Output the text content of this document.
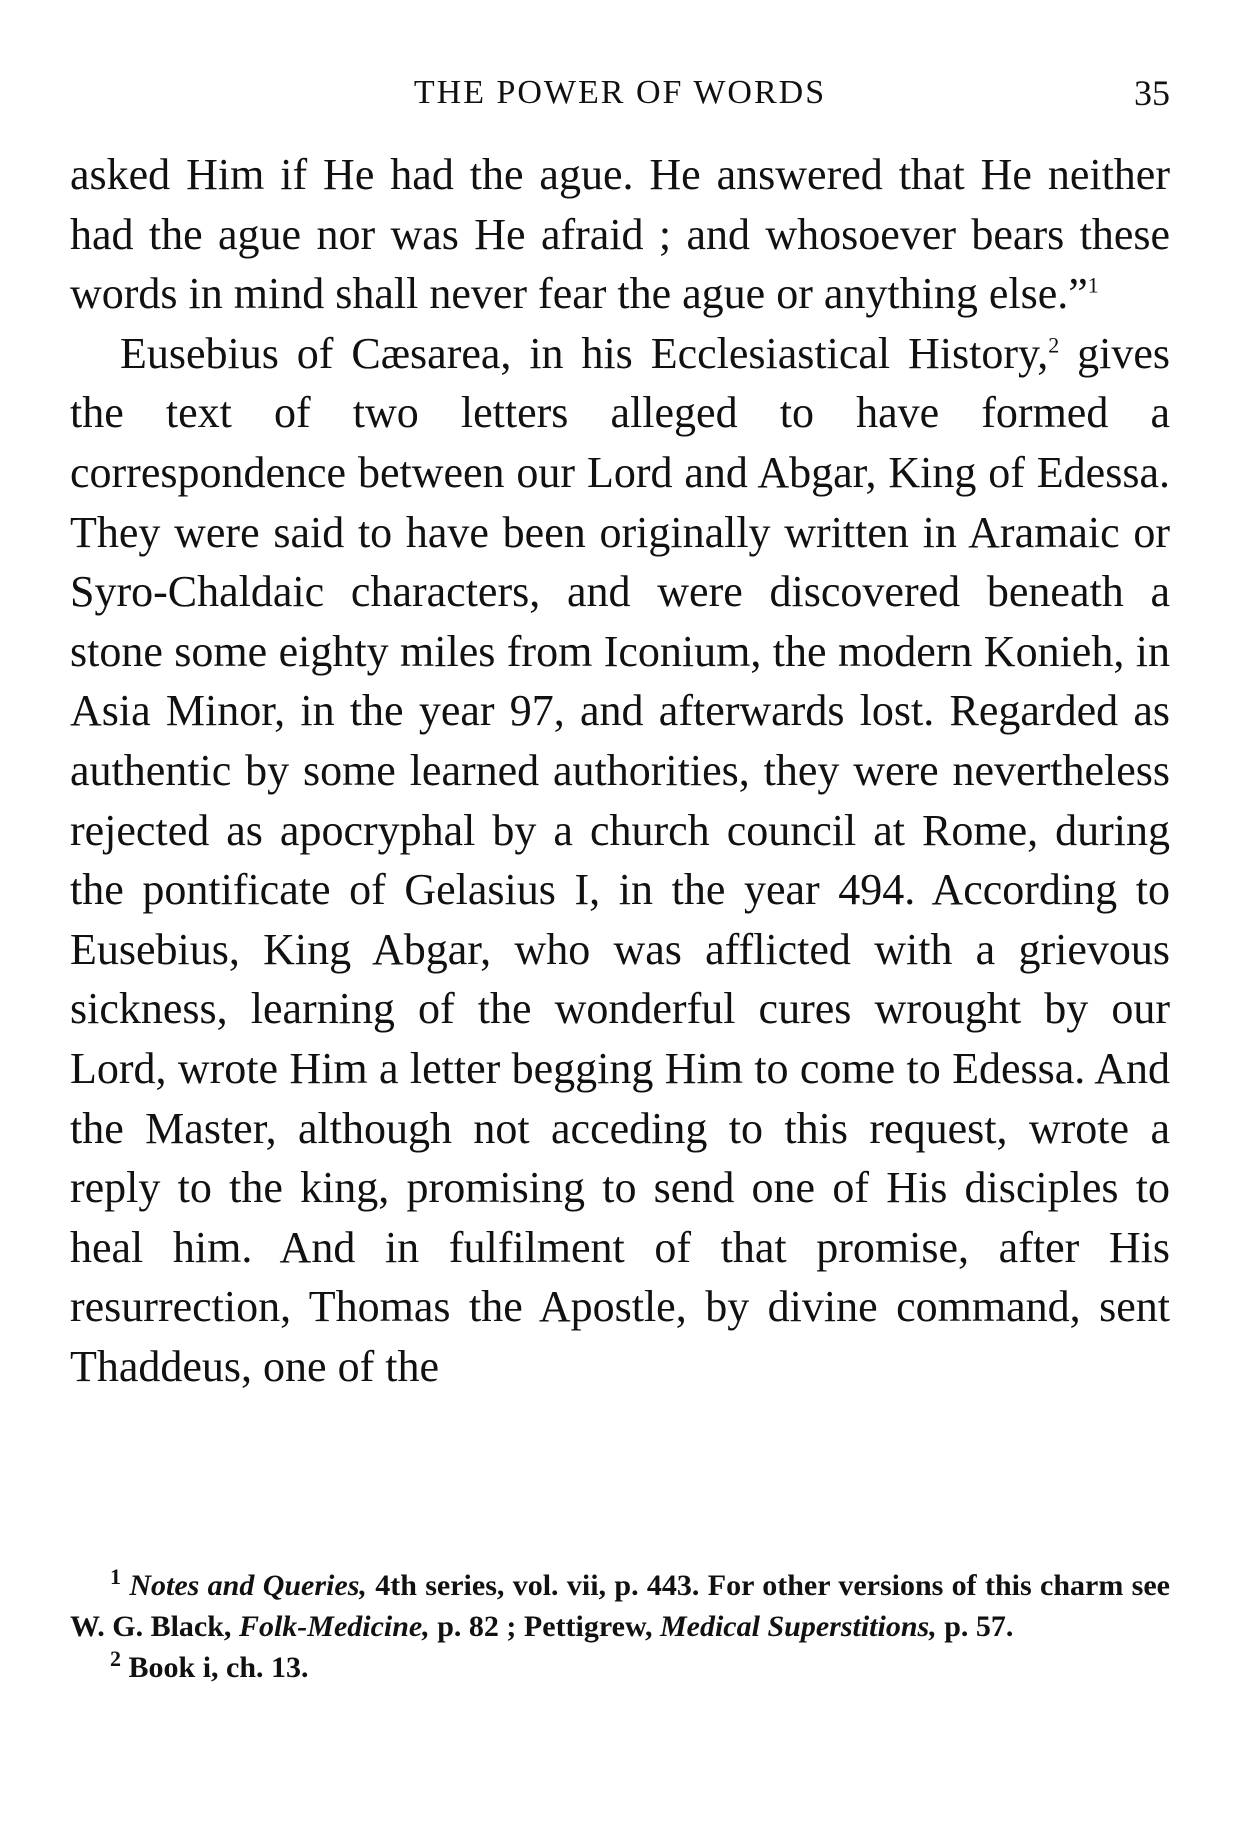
THE POWER OF WORDS	35

asked Him if He had the ague. He answered that He neither had the ague nor was He afraid ; and whosoever bears these words in mind shall never fear the ague or anything else.”$^1$

Eusebius of Cæsarea, in his Ecclesiastical History,$^2$ gives the text of two letters alleged to have formed a correspondence between our Lord and Abgar, King of Edessa. They were said to have been originally written in Aramaic or Syro-Chaldaic characters, and were discovered beneath a stone some eighty miles from Iconium, the modern Konieh, in Asia Minor, in the year 97, and afterwards lost. Regarded as authentic by some learned authorities, they were nevertheless rejected as apocryphal by a church council at Rome, during the pontificate of Gelasius I, in the year 494. According to Eusebius, King Abgar, who was afflicted with a grievous sickness, learning of the wonderful cures wrought by our Lord, wrote Him a letter begging Him to come to Edessa. And the Master, although not acceding to this request, wrote a reply to the king, promising to send one of His disciples to heal him. And in fulfilment of that promise, after His resurrection, Thomas the Apostle, by divine command, sent Thaddeus, one of the

$^1$ Notes and Queries, 4th series, vol. vii, p. 443. For other versions of this charm see W. G. Black, Folk-Medicine, p. 82 ; Pettigrew, Medical Superstitions, p. 57.

$^2$ Book i, ch. 13.
